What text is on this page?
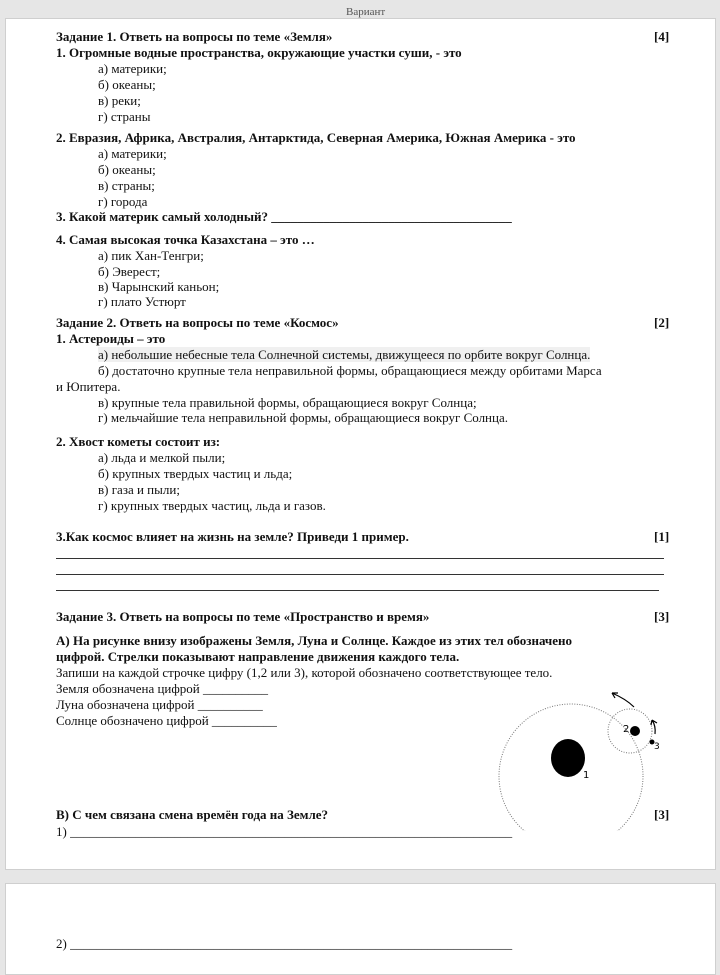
Вариант
Задание 1. Ответь на вопросы по теме «Земля»	[4]
1. Огромные водные пространства, окружающие участки суши, - это
а) материки;
б) океаны;
в) реки;
г) страны
2. Евразия, Африка, Австралия, Антарктида, Северная Америка, Южная Америка - это
а) материки;
б) океаны;
в) страны;
г) города
3. Какой материк самый холодный? _____________________________________
4. Самая высокая точка Казахстана – это …
а) пик Хан-Тенгри;
б) Эверест;
в) Чарынский каньон;
г) плато Устюрт
Задание 2. Ответь на вопросы по теме «Космос»	[2]
1. Астероиды – это
а) небольшие небесные тела Солнечной системы, движущееся по орбите вокруг Солнца.
б) достаточно крупные тела неправильной формы, обращающиеся между орбитами Марса
и Юпитера.
в) крупные тела правильной формы, обращающиеся вокруг Солнца;
г) мельчайшие тела неправильной формы, обращающиеся вокруг Солнца.
2. Хвост кометы состоит из:
а) льда и мелкой пыли;
б) крупных твердых частиц и льда;
в) газа и пыли;
г) крупных твердых частиц, льда и газов.
3.Как космос влияет на жизнь на земле? Приведи 1 пример.	[1]
Задание 3. Ответь на вопросы по теме «Пространство и время»	[3]
А) На рисунке внизу изображены Земля, Луна и Солнце. Каждое из этих тел обозначено
цифрой. Стрелки показывают направление движения каждого тела.
Запиши на каждой строчке цифру (1,2 или 3), которой обозначено соответствующее тело.
Земля обозначена цифрой __________
Луна обозначена цифрой __________
Солнце обозначено цифрой __________
1
2
3
В) С чем связана смена времён года на Земле?	[3]
1) ____________________________________________________________________
2) ____________________________________________________________________
